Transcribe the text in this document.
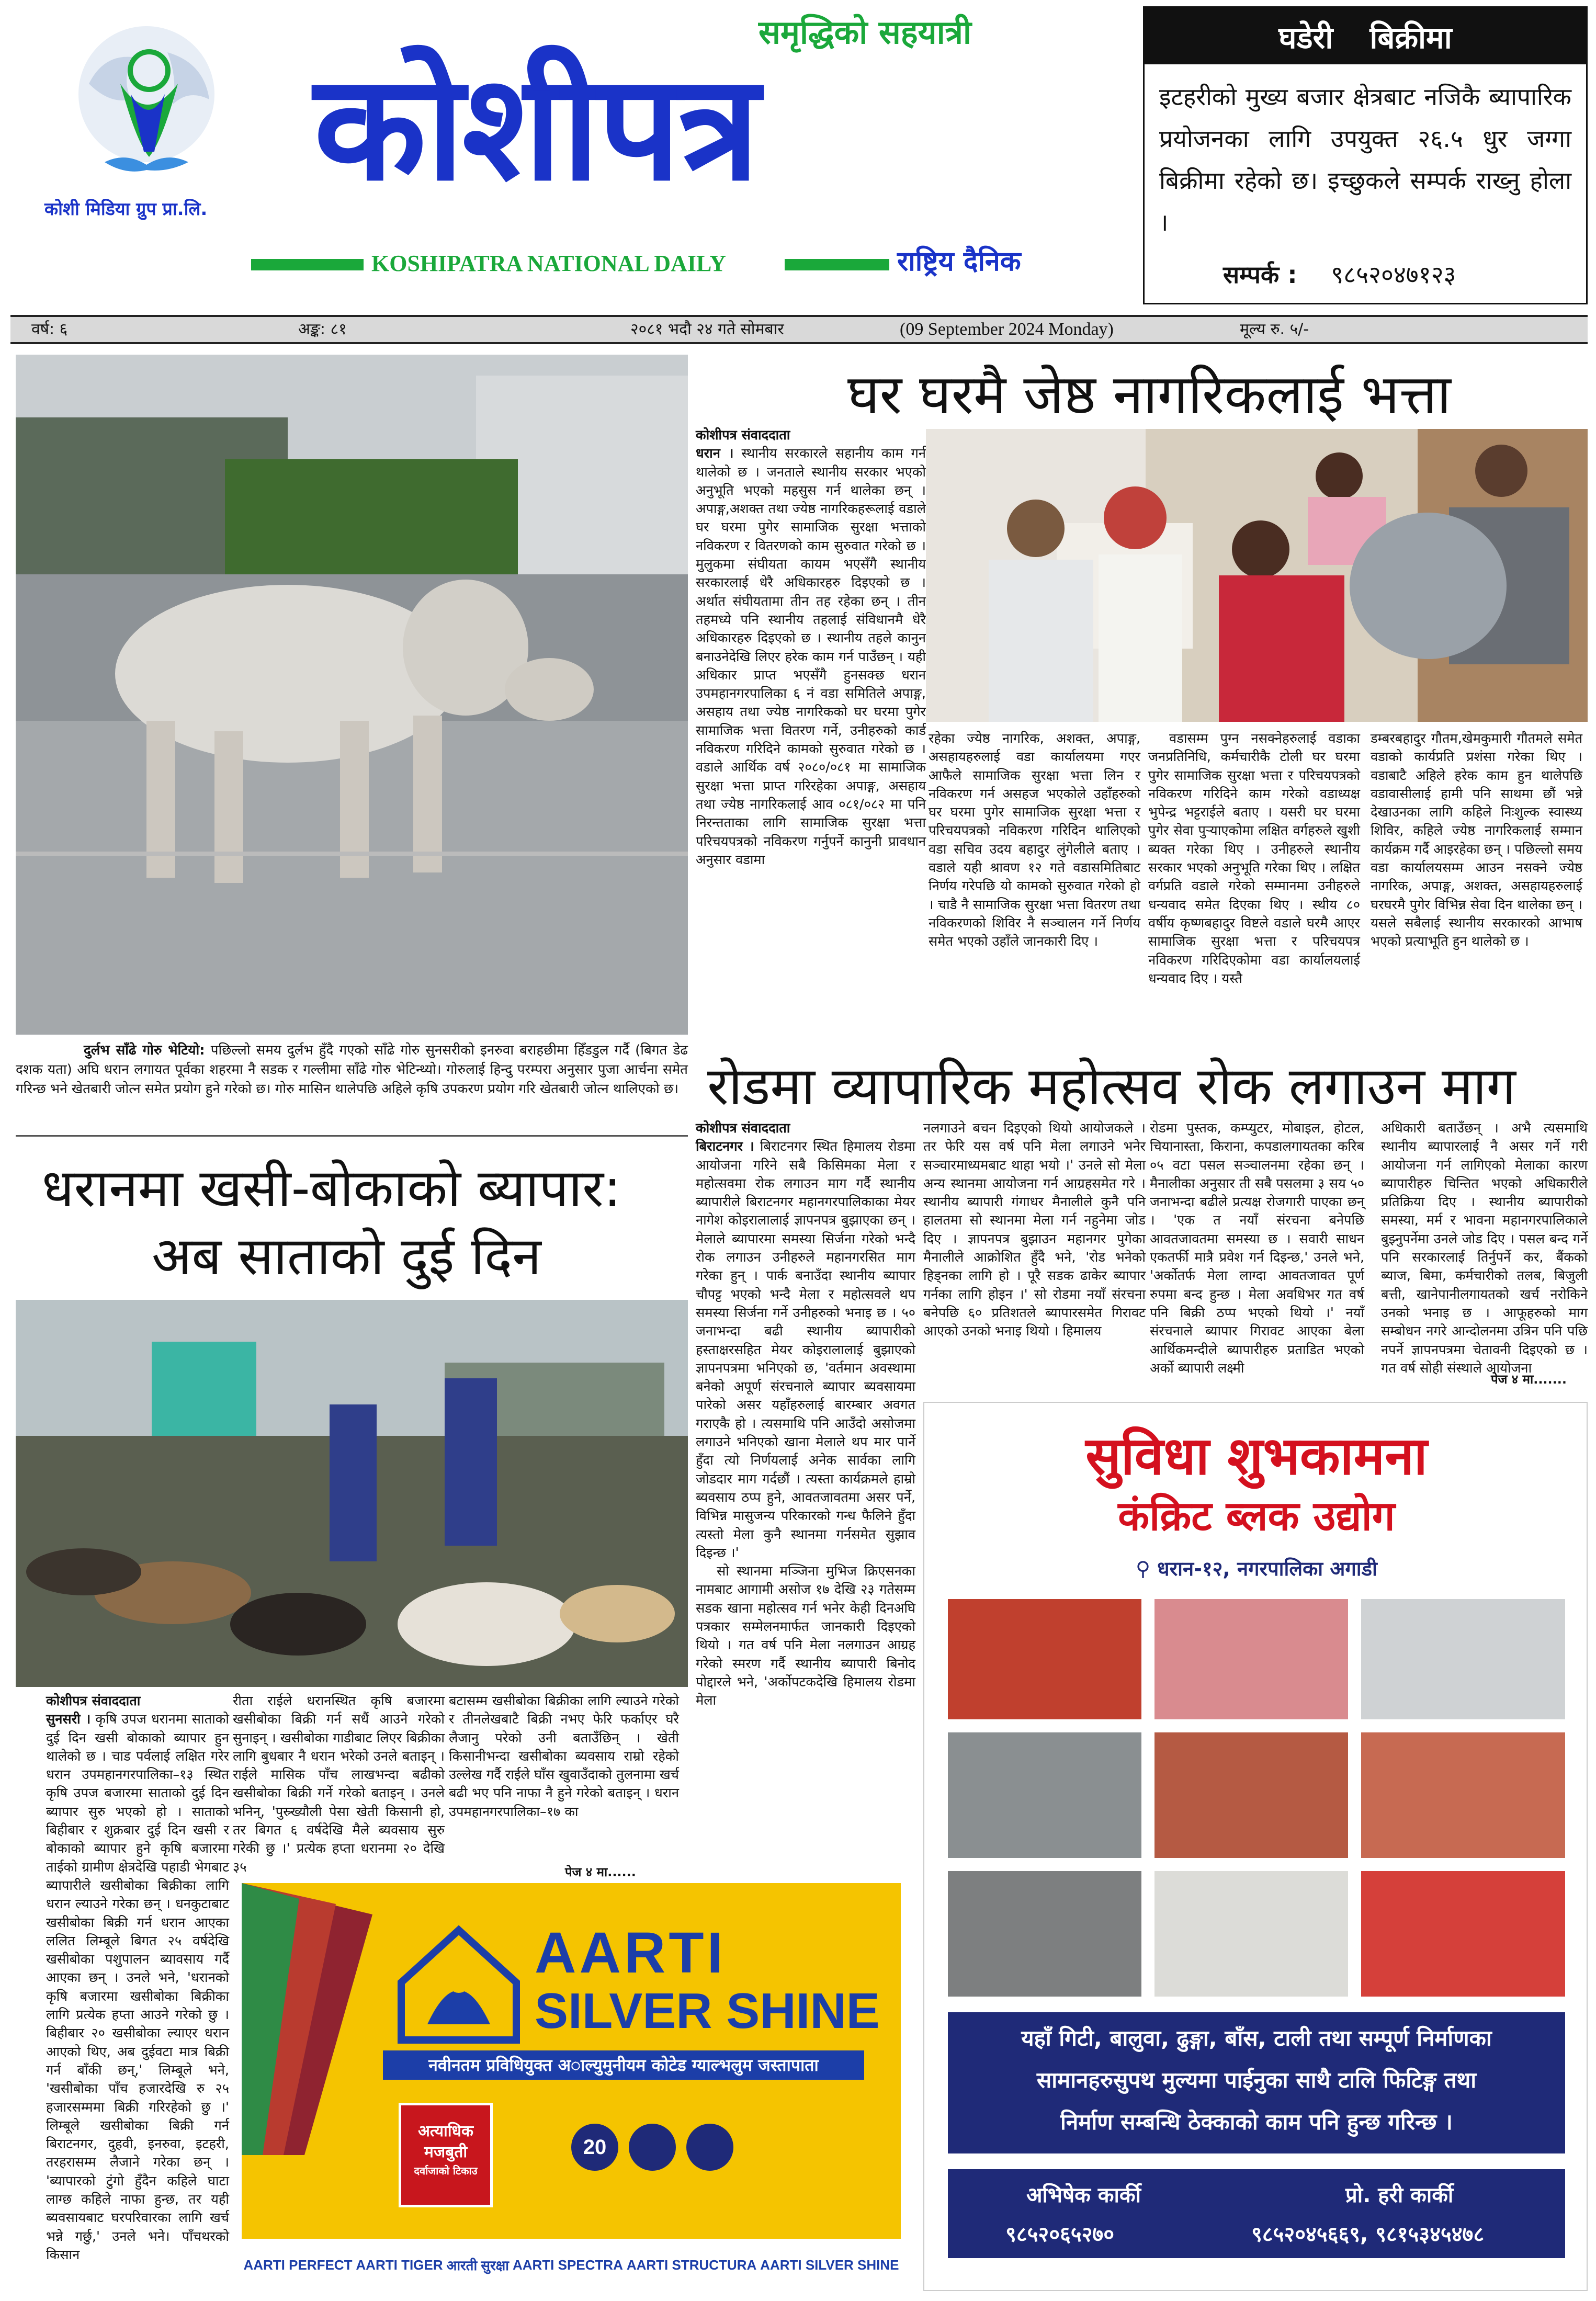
कोशी मिडिया ग्रुप प्रा.लि.
समृद्धिको सहयात्री
कोशीपत्र
KOSHIPATRA NATIONAL DAILY	राष्ट्रिय दैनिक
घडेरी बिक्रीमा
इटहरीको मुख्य बजार क्षेत्रबाट नजिकै ब्यापारिक प्रयोजनका लागि उपयुक्त २६.५ धुर जग्गा बिक्रीमा रहेको छ। इच्छुकले सम्पर्क राख्नु होला ।
सम्पर्क : ९८५२०४७१२३
वर्ष: ६	अङ्क: ८१	२०८१ भदौ २४ गते सोमबार	(09 September 2024 Monday)	मूल्य रु. ५/-
दुर्लभ साँढे गोरु भेटियो: पछिल्लो समय दुर्लभ हुँदै गएको साँढे गोरु सुनसरीको इनरुवा बराहछीमा हिँडडुल गर्दै (बिगत डेढ दशक यता) अघि धरान लगायत पूर्वका शहरमा नै सडक र गल्लीमा साँढे गोरु भेटिन्थ्यो। गोरुलाई हिन्दु परम्परा अनुसार पुजा आर्चना समेत गरिन्छ भने खेतबारी जोत्न समेत प्रयोग हुने गरेको छ। गोरु मासिन थालेपछि अहिले कृषि उपकरण प्रयोग गरि खेतबारी जोत्न थालिएको छ।
धरानमा खसी-बोकाको ब्यापार:
अब साताको दुई दिन

कोशीपत्र संवाददाता

सुनसरी । कृषि उपज धरानमा साताको दुई दिन खसी बोकाको ब्यापार हुन थालेको छ । चाड पर्वलाई लक्षित गरेर धरान उपमहानगरपालिका–१३ स्थित कृषि उपज बजारमा साताको दुई दिन ब्यापार सुरु भएको हो । साताको बिहीबार र शुक्रबार दुई दिन खसी र बोकाको ब्यापार हुने कृषि बजारमा ताईको ग्रामीण क्षेत्रदेखि पहाडी भेगबाट ब्यापारीले खसीबोका बिक्रीका लागि धरान ल्याउने गरेका छन् । धनकुटाबाट खसीबोका बिक्री गर्न धरान आएका ललित लिम्बूले बिगत २५ वर्षदेखि खसीबोका पशुपालन ब्यावसाय गर्दै आएका छन् । उनले भने, 'धरानको कृषि बजारमा खसीबोका बिक्रीका लागि प्रत्येक हप्ता आउने गरेको छु । बिहीबार २० खसीबोका ल्याएर धरान आएको थिए, अब दुईवटा मात्र बिक्री गर्न बाँकी छन्,' लिम्बूले भने, 'खसीबोका पाँच हजारदेखि रु २५ हजारसम्ममा बिक्री गरिरहेको छु ।' लिम्बूले खसीबोका बिक्री गर्न बिराटनगर, दुहवी, इनरुवा, इटहरी, तरहरासम्म लैजाने गरेका छन् । 'ब्यापारको टुंगो हुँदैन कहिले घाटा लाग्छ कहिले नाफा हुन्छ, तर यही ब्यवसायबाट घरपरिवारका लागि खर्च भन्ने गर्छु,' उनले भने। पाँचथरको किसान

रीता राईले धरानस्थित कृषि बजारमा खसीबोका बिक्री गर्न सधैं आउने गरेको सुनाइन् । खसीबोका गाडीबाट लिएर बिक्रीका लागि बुधबार नै धरान भरेको उनले बताइन् । राईले मासिक पाँच लाखभन्दा बढीको खसीबोका बिक्री गर्ने गरेको बताइन् । उनले भनिन्, 'पुस्र्ख्यौली पेसा खेती किसानी हो, तर बिगत ६ वर्षदेखि मैले ब्यवसाय सुरु गरेकी छु ।' प्रत्येक हप्ता धरानमा २० देखि ३५

बटासम्म खसीबोका बिक्रीका लागि ल्याउने गरेको र तीनलेखबाटै बिक्री नभए फेरि फर्काएर घरै लैजानु परेको उनी बताउँछिन् । खेती किसानीभन्दा खसीबोका ब्यवसाय राम्रो रहेको उल्लेख गर्दै राईले घाँस खुवाउँदाको तुलनामा खर्च बढी भए पनि नाफा नै हुने गरेको बताइन् । धरान उपमहानगरपालिका–१७ का

पेज ४ मा......
AARTI
SILVER SHINE
नवीनतम प्रविधियुक्त अाल्युमुनीयम कोटेड ग्याल्भलुम जस्तापाता
अत्याधिक मजबुती
दर्वाजाको टिकाउ
20
AARTI PERFECT AARTI TIGER आरती सुरक्षा AARTI SPECTRA AARTI STRUCTURA AARTI SILVER SHINE
घर घरमै जेष्ठ नागरिकलाई भत्ता

कोशीपत्र संवाददाता

धरान । स्थानीय सरकारले सहानीय काम गर्न थालेको छ । जनताले स्थानीय सरकार भएको अनुभूति भएको महसुस गर्न थालेका छन् । अपाङ्ग,अशक्त तथा ज्येष्ठ नागरिकहरूलाई वडाले घर घरमा पुगेर सामाजिक सुरक्षा भत्ताको नविकरण र वितरणको काम सुरुवात गरेको छ । मुलुकमा संघीयता कायम भएसँगै स्थानीय सरकारलाई धेरै अधिकारहरु दिइएको छ । अर्थात संघीयतामा तीन तह रहेका छन् । तीन तहमध्ये पनि स्थानीय तहलाई संविधानमै धेरै अधिकारहरु दिइएको छ । स्थानीय तहले कानुन बनाउनेदेखि लिएर हरेक काम गर्न पाउँछन् । यही अधिकार प्राप्त भएसँगै हुनसक्छ धरान उपमहानगरपालिका ६ नं वडा समितिले अपाङ्ग, असहाय तथा ज्येष्ठ नागरिकको घर घरमा पुगेर सामाजिक भत्ता वितरण गर्ने, उनीहरुको कार्ड नविकरण गरिदिने कामको सुरुवात गरेको छ । वडाले आर्थिक वर्ष २०८०/०८१ मा सामाजिक सुरक्षा भत्ता प्राप्त गरिरहेका अपाङ्ग, असहाय तथा ज्येष्ठ नागरिकलाई आव ०८१/०८२ मा पनि निरन्तताका लागि सामाजिक सुरक्षा भत्ता परिचयपत्रको नविकरण गर्नुपर्ने कानुनी प्रावधान अनुसार वडामा

रहेका ज्येष्ठ नागरिक, अशक्त, अपाङ्ग, असहायहरुलाई वडा कार्यालयमा गएर आफैले सामाजिक सुरक्षा भत्ता लिन र नविकरण गर्न असहज भएकोले उहाँहरुको घर घरमा पुगेर सामाजिक सुरक्षा भत्ता र परिचयपत्रको नविकरण गरिदिन थालिएको वडा सचिव उदय बहादुर लुंगेलीले बताए । वडाले यही श्रावण १२ गते वडासमितिबाट निर्णय गरेपछि यो कामको सुरुवात गरेको हो । चाडै नै सामाजिक सुरक्षा भत्ता वितरण तथा नविकरणको शिविर नै सञ्चालन गर्ने निर्णय समेत भएको उहाँले जानकारी दिए ।

वडासम्म पुग्न नसक्नेहरुलाई वडाका जनप्रतिनिधि, कर्मचारीकै टोली घर घरमा पुगेर सामाजिक सुरक्षा भत्ता र परिचयपत्रको नविकरण गरिदिने काम गरेको वडाध्यक्ष भुपेन्द्र भट्टराईले बताए । यसरी घर घरमा पुगेर सेवा पुऱ्याएकोमा लक्षित वर्गहरुले खुशी ब्यक्त गरेका थिए । उनीहरुले स्थानीय सरकार भएको अनुभूति गरेका थिए । लक्षित वर्गप्रति वडाले गरेको सम्मानमा उनीहरुले धन्यवाद समेत दिएका थिए । स्थीय ८० वर्षीय कृष्णबहादुर विष्टले वडाले घरमै आएर सामाजिक सुरक्षा भत्ता र परिचयपत्र नविकरण गरिदिएकोमा वडा कार्यालयलाई धन्यवाद दिए । यस्तै

डम्बरबहादुर गौतम,खेमकुमारी गौतमले समेत वडाको कार्यप्रति प्रशंसा गरेका थिए । वडाबाटै अहिले हरेक काम हुन थालेपछि वडावासीलाई हामी पनि साथमा छौं भन्ने देखाउनका लागि कहिले निःशुल्क स्वास्थ्य शिविर, कहिले ज्येष्ठ नागरिकलाई सम्मान कार्यक्रम गर्दै आइरहेका छन् । पछिल्लो समय वडा कार्यालयसम्म आउन नसक्ने ज्येष्ठ नागरिक, अपाङ्ग, अशक्त, असहायहरुलाई घरघरमै पुगेर विभिन्न सेवा दिन थालेका छन् । यसले सबैलाई स्थानीय सरकारको आभाष भएको प्रत्याभूति हुन थालेको छ ।

रोडमा व्यापारिक महोत्सव रोक लगाउन माग

कोशीपत्र संवाददाता

बिराटनगर । बिराटनगर स्थित हिमालय रोडमा आयोजना गरिने सबै किसिमका मेला र महोत्सवमा रोक लगाउन माग गर्दै स्थानीय ब्यापारीले बिराटनगर महानगरपालिकाका मेयर नागेश कोइरालालाई ज्ञापनपत्र बुझाएका छन् । मेलाले ब्यापारमा समस्या सिर्जना गरेको भन्दै रोक लगाउन उनीहरुले महानगरसित माग गरेका हुन् । पार्क बनाउँदा स्थानीय ब्यापार चौपट्ट भएको भन्दै मेला र महोत्सवले थप समस्या सिर्जना गर्ने उनीहरुको भनाइ छ । ५० जनाभन्दा बढी स्थानीय ब्यापारीको हस्ताक्षरसहित मेयर कोइरालालाई बुझाएको ज्ञापनपत्रमा भनिएको छ, 'वर्तमान अवस्थामा बनेको अपूर्ण संरचनाले ब्यापार ब्यवसायमा पारेको असर यहाँहरुलाई बारम्बार अवगत गराएकै हो । त्यसमाथि पनि आउँदो असोजमा लगाउने भनिएको खाना मेलाले थप मार पार्ने हुँदा त्यो निर्णयलाई अनेक सार्वका लागि जोडदार माग गर्दछौं । त्यस्ता कार्यक्रमले हाम्रो ब्यवसाय ठप्प हुने, आवतजावतमा असर पर्ने, विभिन्न मासुजन्य परिकारको गन्ध फैलिने हुँदा त्यस्तो मेला कुनै स्थानमा गर्नसमेत सुझाव दिइन्छ ।'

सो स्थानमा मञ्जिना मुभिज क्रिएसनका नामबाट आगामी असोज १७ देखि २३ गतेसम्म सडक खाना महोत्सव गर्न भनेर केही दिनअघि पत्रकार सम्मेलनमार्फत जानकारी दिइएको थियो । गत वर्ष पनि मेला नलगाउन आग्रह गरेको स्मरण गर्दै स्थानीय ब्यापारी बिनोद पोद्दारले भने, 'अर्कोपटकदेखि हिमालय रोडमा मेला

नलगाउने बचन दिइएको थियो आयोजकले । तर फेरि यस वर्ष पनि मेला लगाउने भनेर सञ्चारमाध्यमबाट थाहा भयो ।' उनले सो मेला अन्य स्थानमा आयोजना गर्न आग्रहसमेत गरे । स्थानीय ब्यापारी गंगाधर मैनालीले कुनै पनि हालतमा सो स्थानमा मेला गर्न नहुनेमा जोड दिए । ज्ञापनपत्र बुझाउन महानगर पुगेका मैनालीले आक्रोशित हुँदै भने, 'रोड भनेको हिड्नका लागि हो । पूरै सडक ढाकेर ब्यापार गर्नका लागि होइन ।' सो रोडमा नयाँ संरचना बनेपछि ६० प्रतिशतले ब्यापारसमेत गिरावट आएको उनको भनाइ थियो । हिमालय

रोडमा पुस्तक, कम्प्युटर, मोबाइल, होटल, चियानास्ता, किराना, कपडालगायतका करिब ०५ वटा पसल सञ्चालनमा रहेका छन् । मैनालीका अनुसार ती सबै पसलमा ३ सय ५० जनाभन्दा बढीले प्रत्यक्ष रोजगारी पाएका छन् । 'एक त नयाँ संरचना बनेपछि आवतजावतमा समस्या छ । सवारी साधन एकतर्फी मात्रै प्रवेश गर्न दिइन्छ,' उनले भने, 'अर्कोतर्फ मेला लाग्दा आवतजावत पूर्ण रुपमा बन्द हुन्छ । मेला अवधिभर गत वर्ष पनि बिक्री ठप्प भएको थियो ।' नयाँ संरचनाले ब्यापार गिरावट आएका बेला आर्थिकमन्दीले ब्यापारीहरु प्रताडित भएको अर्को ब्यापारी लक्ष्मी

अधिकारी बताउँछन् । अभै त्यसमाथि स्थानीय ब्यापारलाई नै असर गर्ने गरी आयोजना गर्न लागिएको मेलाका कारण ब्यापारीहरु चिन्तित भएको अधिकारीले प्रतिक्रिया दिए । स्थानीय ब्यापारीको समस्या, मर्म र भावना महानगरपालिकाले बुझ्नुपर्नेमा उनले जोड दिए । पसल बन्द गर्ने पनि सरकारलाई तिर्नुपर्ने कर, बैंकको ब्याज, बिमा, कर्मचारीको तलब, बिजुली बत्ती, खानेपानीलगायतको खर्च नरोकिने उनको भनाइ छ । आफूहरुको माग सम्बोधन नगरे आन्दोलनमा उत्रिन पनि पछि नपर्ने ज्ञापनपत्रमा चेतावनी दिइएको छ । गत वर्ष सोही संस्थाले आयोजना

पेज ४ मा.......
सुविधा शुभकामना
कंक्रिट ब्लक उद्योग
⚲ धरान-१२, नगरपालिका अगाडी
यहाँ गिटी, बालुवा, ढुङ्गा, बाँस, टाली तथा सम्पूर्ण निर्माणका
सामानहरुसुपथ मुल्यमा पाईनुका साथै टालि फिटिङ्ग तथा
निर्माण सम्बन्धि ठेक्काको काम पनि हुन्छ गरिन्छ ।
अभिषेक कार्की
९८५२०६५२७०
प्रो. हरी कार्की
९८५२०४५६६९, ९८१५३४५४७८
